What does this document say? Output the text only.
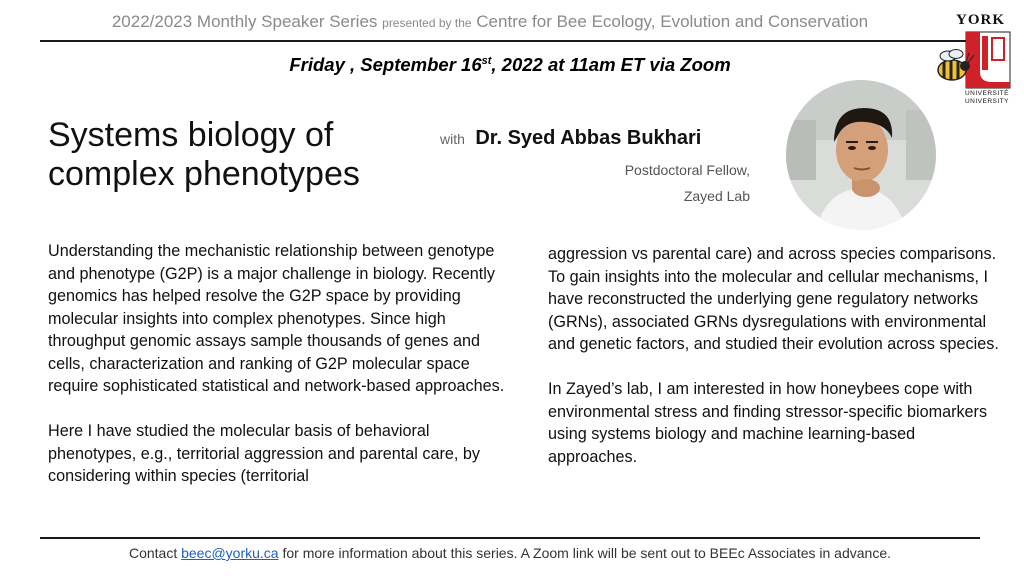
2022/2023 Monthly Speaker Series presented by the Centre for Bee Ecology, Evolution and Conservation	YORK
UNIVERSITÉ
UNIVERSITY
Friday , September 16st, 2022 at 11am ET via Zoom
Systems biology of complex phenotypes
with Dr. Syed Abbas Bukhari
Postdoctoral Fellow,
Zayed Lab

Understanding the mechanistic relationship between genotype and phenotype (G2P) is a major challenge in biology. Recently genomics has helped resolve the G2P space by providing molecular insights into complex phenotypes. Since high throughput genomic assays sample thousands of genes and cells, characterization and ranking of G2P molecular space require sophisticated statistical and network-based approaches.

Here I have studied the molecular basis of behavioral phenotypes, e.g., territorial aggression and parental care, by considering within species (territorial

aggression vs parental care) and across species comparisons. To gain insights into the molecular and cellular mechanisms, I have reconstructed the underlying gene regulatory networks (GRNs), associated GRNs dysregulations with environmental and genetic factors, and studied their evolution across species.

In Zayed’s lab, I am interested in how honeybees cope with environmental stress and finding stressor-specific biomarkers using systems biology and machine learning-based approaches.

Contact beec@yorku.ca for more information about this series. A Zoom link will be sent out to BEEc Associates in advance.
